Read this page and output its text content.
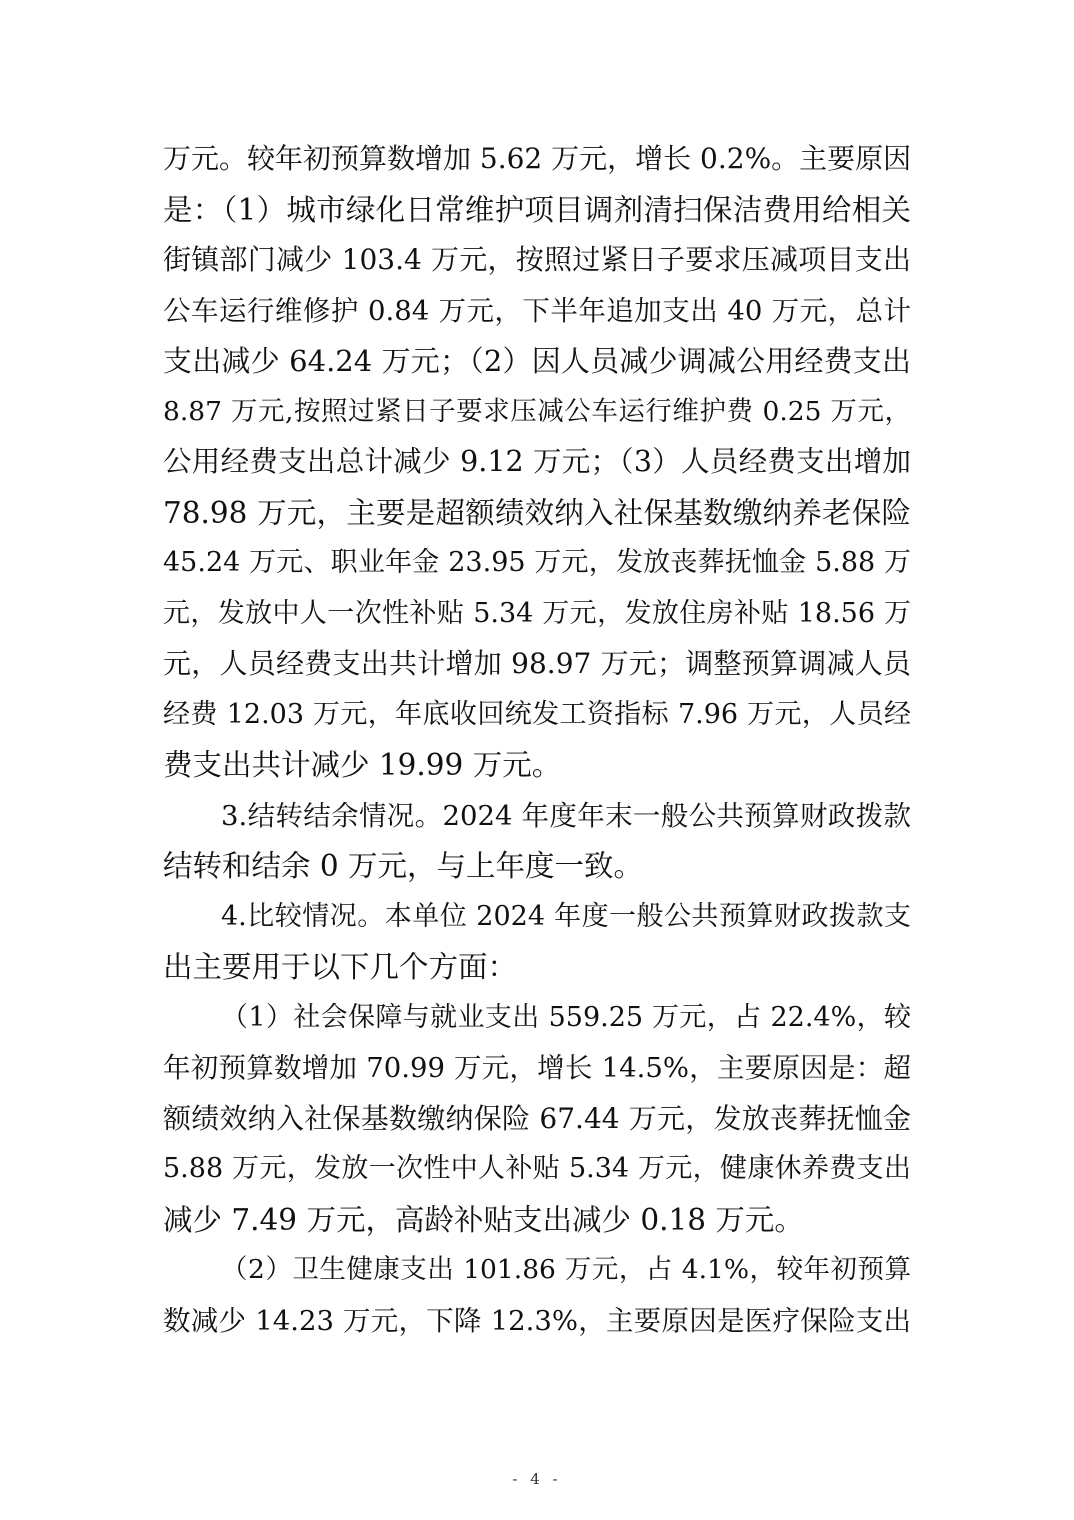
万元。较年初预算数增加 5.62 万元，增长 0.2%。主要原因

是：（1）城市绿化日常维护项目调剂清扫保洁费用给相关

街镇部门减少 103.4 万元，按照过紧日子要求压减项目支出

公车运行维修护 0.84 万元，下半年追加支出 40 万元，总计

支出减少 64.24 万元；（2）因人员减少调减公用经费支出

8.87 万元,按照过紧日子要求压减公车运行维护费 0.25 万元，

公用经费支出总计减少 9.12 万元；（3）人员经费支出增加

78.98 万元，主要是超额绩效纳入社保基数缴纳养老保险

45.24 万元、职业年金 23.95 万元，发放丧葬抚恤金 5.88 万

元，发放中人一次性补贴 5.34 万元，发放住房补贴 18.56 万

元，人员经费支出共计增加 98.97 万元；调整预算调减人员

经费 12.03 万元，年底收回统发工资指标 7.96 万元，人员经

费支出共计减少 19.99 万元。

3.结转结余情况。2024 年度年末一般公共预算财政拨款

结转和结余 0 万元，与上年度一致。

4.比较情况。本单位 2024 年度一般公共预算财政拨款支

出主要用于以下几个方面：

（1）社会保障与就业支出 559.25 万元，占 22.4%，较

年初预算数增加 70.99 万元，增长 14.5%，主要原因是：超

额绩效纳入社保基数缴纳保险 67.44 万元，发放丧葬抚恤金

5.88 万元，发放一次性中人补贴 5.34 万元，健康休养费支出

减少 7.49 万元，高龄补贴支出减少 0.18 万元。

（2）卫生健康支出 101.86 万元，占 4.1%，较年初预算

数减少 14.23 万元，下降 12.3%，主要原因是医疗保险支出

- 4 -
